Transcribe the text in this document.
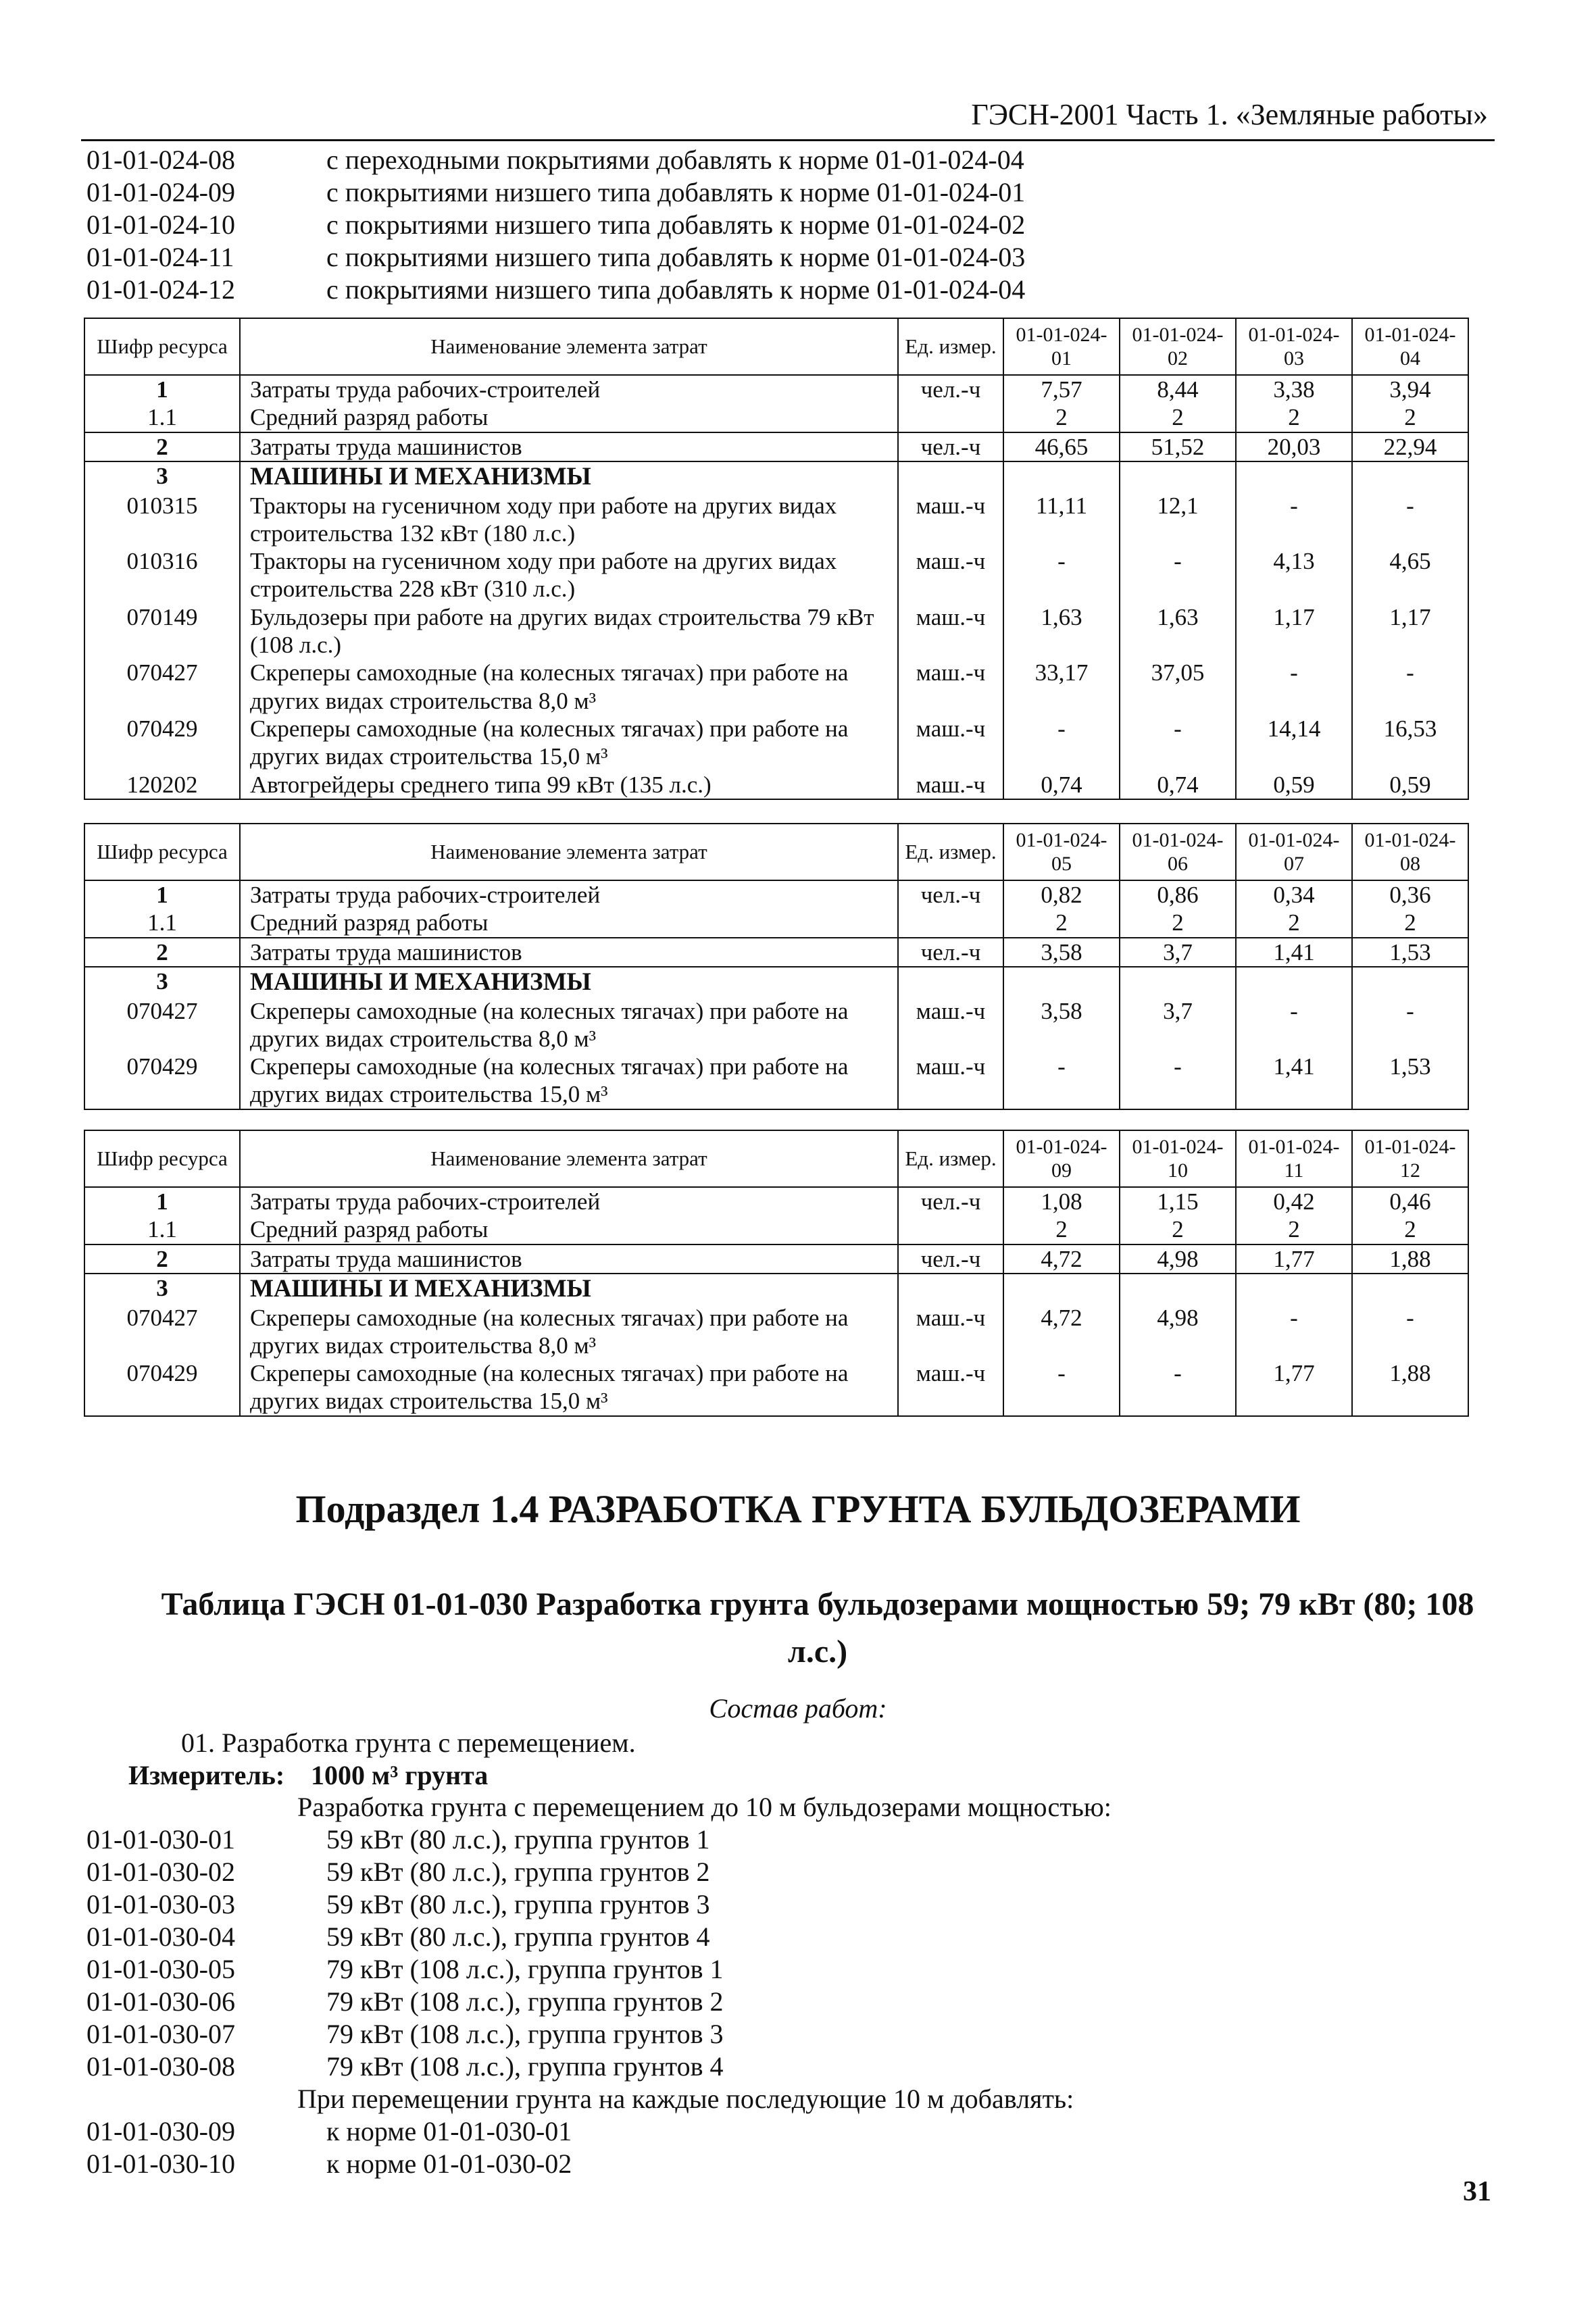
ГЭСН-2001 Часть 1. «Земляные работы»
01-01-024-08	с переходными покрытиями добавлять к норме 01-01-024-04
01-01-024-09	с покрытиями низшего типа добавлять к норме 01-01-024-01
01-01-024-10	с покрытиями низшего типа добавлять к норме 01-01-024-02
01-01-024-11	с покрытиями низшего типа добавлять к норме 01-01-024-03
01-01-024-12	с покрытиями низшего типа добавлять к норме 01-01-024-04
Шифр ресурса	Наименование элемента затрат	Ед. измер.	01-01-024-01	01-01-024-02	01-01-024-03	01-01-024-04
1	Затраты труда рабочих-строителей	чел.-ч	7,57	8,44	3,38	3,94
1.1	Средний разряд работы		2	2	2	2
2	Затраты труда машинистов	чел.-ч	46,65	51,52	20,03	22,94
3	МАШИНЫ И МЕХАНИЗМЫ					
010315	Тракторы на гусеничном ходу при работе на других видах строительства 132 кВт (180 л.с.)	маш.-ч	11,11	12,1	-	-
010316	Тракторы на гусеничном ходу при работе на других видах строительства 228 кВт (310 л.с.)	маш.-ч	-	-	4,13	4,65
070149	Бульдозеры при работе на других видах строительства 79 кВт (108 л.с.)	маш.-ч	1,63	1,63	1,17	1,17
070427	Скреперы самоходные (на колесных тягачах) при работе на других видах строительства 8,0 м³	маш.-ч	33,17	37,05	-	-
070429	Скреперы самоходные (на колесных тягачах) при работе на других видах строительства 15,0 м³	маш.-ч	-	-	14,14	16,53
120202	Автогрейдеры среднего типа 99 кВт (135 л.с.)	маш.-ч	0,74	0,74	0,59	0,59
Шифр ресурса	Наименование элемента затрат	Ед. измер.	01-01-024-05	01-01-024-06	01-01-024-07	01-01-024-08
1	Затраты труда рабочих-строителей	чел.-ч	0,82	0,86	0,34	0,36
1.1	Средний разряд работы		2	2	2	2
2	Затраты труда машинистов	чел.-ч	3,58	3,7	1,41	1,53
3	МАШИНЫ И МЕХАНИЗМЫ					
070427	Скреперы самоходные (на колесных тягачах) при работе на других видах строительства 8,0 м³	маш.-ч	3,58	3,7	-	-
070429	Скреперы самоходные (на колесных тягачах) при работе на других видах строительства 15,0 м³	маш.-ч	-	-	1,41	1,53
Шифр ресурса	Наименование элемента затрат	Ед. измер.	01-01-024-09	01-01-024-10	01-01-024-11	01-01-024-12
1	Затраты труда рабочих-строителей	чел.-ч	1,08	1,15	0,42	0,46
1.1	Средний разряд работы		2	2	2	2
2	Затраты труда машинистов	чел.-ч	4,72	4,98	1,77	1,88
3	МАШИНЫ И МЕХАНИЗМЫ					
070427	Скреперы самоходные (на колесных тягачах) при работе на других видах строительства 8,0 м³	маш.-ч	4,72	4,98	-	-
070429	Скреперы самоходные (на колесных тягачах) при работе на других видах строительства 15,0 м³	маш.-ч	-	-	1,77	1,88
Подраздел 1.4 РАЗРАБОТКА ГРУНТА БУЛЬДОЗЕРАМИ
Таблица ГЭСН 01-01-030 Разработка грунта бульдозерами мощностью 59; 79 кВт (80; 108
л.с.)
Состав работ:
01. Разработка грунта с перемещением.
Измеритель: 1000 м³ грунта
Разработка грунта с перемещением до 10 м бульдозерами мощностью:
01-01-030-01	59 кВт (80 л.с.), группа грунтов 1
01-01-030-02	59 кВт (80 л.с.), группа грунтов 2
01-01-030-03	59 кВт (80 л.с.), группа грунтов 3
01-01-030-04	59 кВт (80 л.с.), группа грунтов 4
01-01-030-05	79 кВт (108 л.с.), группа грунтов 1
01-01-030-06	79 кВт (108 л.с.), группа грунтов 2
01-01-030-07	79 кВт (108 л.с.), группа грунтов 3
01-01-030-08	79 кВт (108 л.с.), группа грунтов 4
При перемещении грунта на каждые последующие 10 м добавлять:
01-01-030-09	к норме 01-01-030-01
01-01-030-10	к норме 01-01-030-02
31
